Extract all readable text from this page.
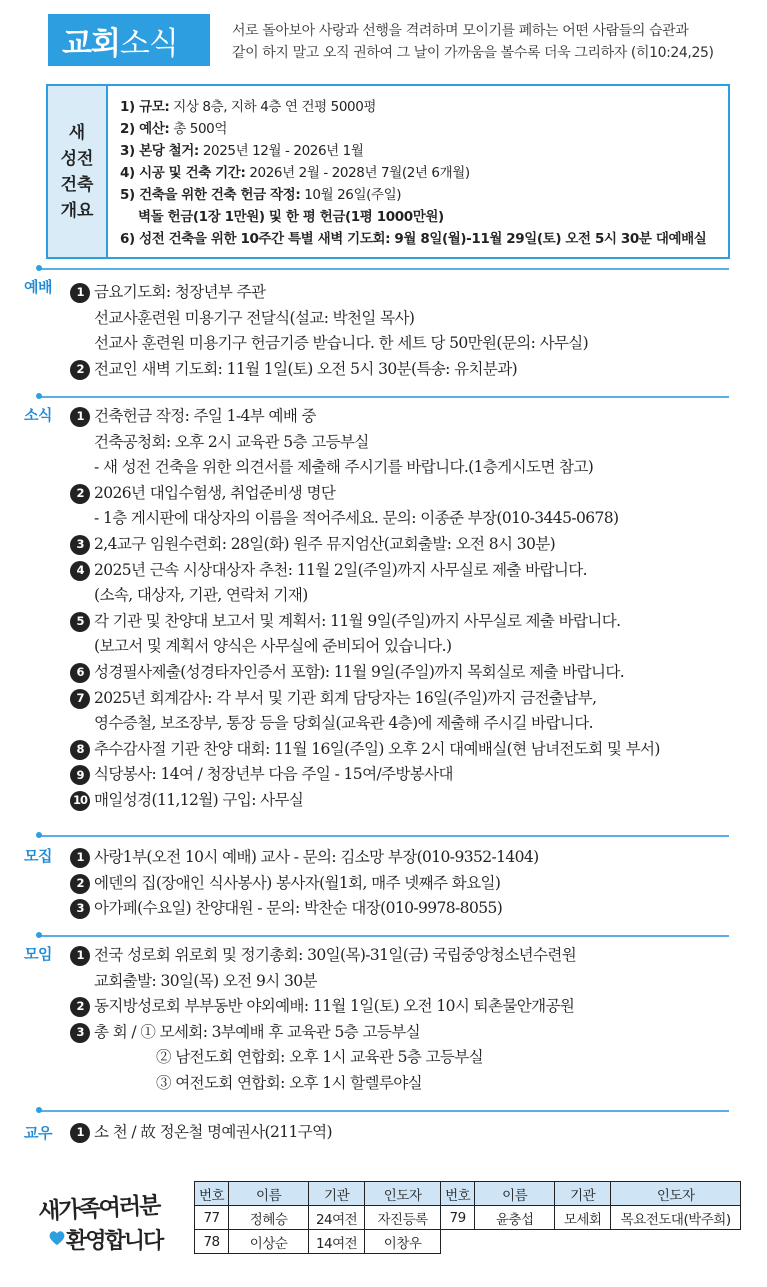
교회 소식	서로 돌아보아 사랑과 선행을 격려하며 모이기를 폐하는 어떤 사람들의 습관과
같이 하지 말고 오직 권하여 그 날이 가까움을 볼수록 더욱 그리하자 (히10:24,25)
새
성전
건축
개요
1) 규모: 지상 8층, 지하 4층 연 건평 5000평
2) 예산: 총 500억
3) 본당 철거: 2025년 12월 - 2026년 1월
4) 시공 및 건축 기간: 2026년 2월 - 2028년 7월(2년 6개월)
5) 건축을 위한 건축 헌금 작정: 10월 26일(주일)
벽돌 헌금(1장 1만원) 및 한 평 헌금(1평 1000만원)
6) 성전 건축을 위한 10주간 특별 새벽 기도회: 9월 8일(월)-11월 29일(토) 오전 5시 30분 대예배실
예배	1 금요기도회: 청장년부 주관
선교사훈련원 미용기구 전달식(설교: 박천일 목사)
선교사 훈련원 미용기구 헌금기증 받습니다. 한 세트 당 50만원(문의: 사무실)
2 전교인 새벽 기도회: 11월 1일(토) 오전 5시 30분(특송: 유치분과)
소식	1 건축헌금 작정: 주일 1-4부 예배 중
건축공청회: 오후 2시 교육관 5층 고등부실
- 새 성전 건축을 위한 의견서를 제출해 주시기를 바랍니다.(1층게시도면 참고)
2 2026년 대입수험생, 취업준비생 명단
- 1층 게시판에 대상자의 이름을 적어주세요. 문의: 이종준 부장(010-3445-0678)
3 2,4교구 임원수련회: 28일(화) 원주 뮤지엄산(교회출발: 오전 8시 30분)
4 2025년 근속 시상대상자 추천: 11월 2일(주일)까지 사무실로 제출 바랍니다.
(소속, 대상자, 기관, 연락처 기재)
5 각 기관 및 찬양대 보고서 및 계획서: 11월 9일(주일)까지 사무실로 제출 바랍니다.
(보고서 및 계획서 양식은 사무실에 준비되어 있습니다.)
6 성경필사제출(성경타자인증서 포함): 11월 9일(주일)까지 목회실로 제출 바랍니다.
7 2025년 회계감사: 각 부서 및 기관 회계 담당자는 16일(주일)까지 금전출납부,
영수증철, 보조장부, 통장 등을 당회실(교육관 4층)에 제출해 주시길 바랍니다.
8 추수감사절 기관 찬양 대회: 11월 16일(주일) 오후 2시 대예배실(현 남녀전도회 및 부서)
9 식당봉사: 14여 / 청장년부 다음 주일 - 15여/주방봉사대
10 매일성경(11,12월) 구입: 사무실
모집	1 사랑1부(오전 10시 예배) 교사 - 문의: 김소망 부장(010-9352-1404)
2 에덴의 집(장애인 식사봉사) 봉사자(월1회, 매주 넷째주 화요일)
3 아가페(수요일) 찬양대원 - 문의: 박찬순 대장(010-9978-8055)
모임	1 전국 성로회 위로회 및 정기총회: 30일(목)-31일(금) 국립중앙청소년수련원
교회출발: 30일(목) 오전 9시 30분
2 동지방성로회 부부동반 야외예배: 11월 1일(토) 오전 10시 퇴촌물안개공원
3 총 회 / ① 모세회: 3부예배 후 교육관 5층 고등부실
② 남전도회 연합회: 오후 1시 교육관 5층 고등부실
③ 여전도회 연합회: 오후 1시 할렐루야실
교우	1 소 천 / 故 정온철 명예권사(211구역)
새가족여러분
환영합니다
번호	이름	기관	인도자	번호	이름	기관	인도자
77	정혜승	24여전	자진등록	79	윤충섭	모세회	목요전도대(박주희)
78	이상순	14여전	이창우				
